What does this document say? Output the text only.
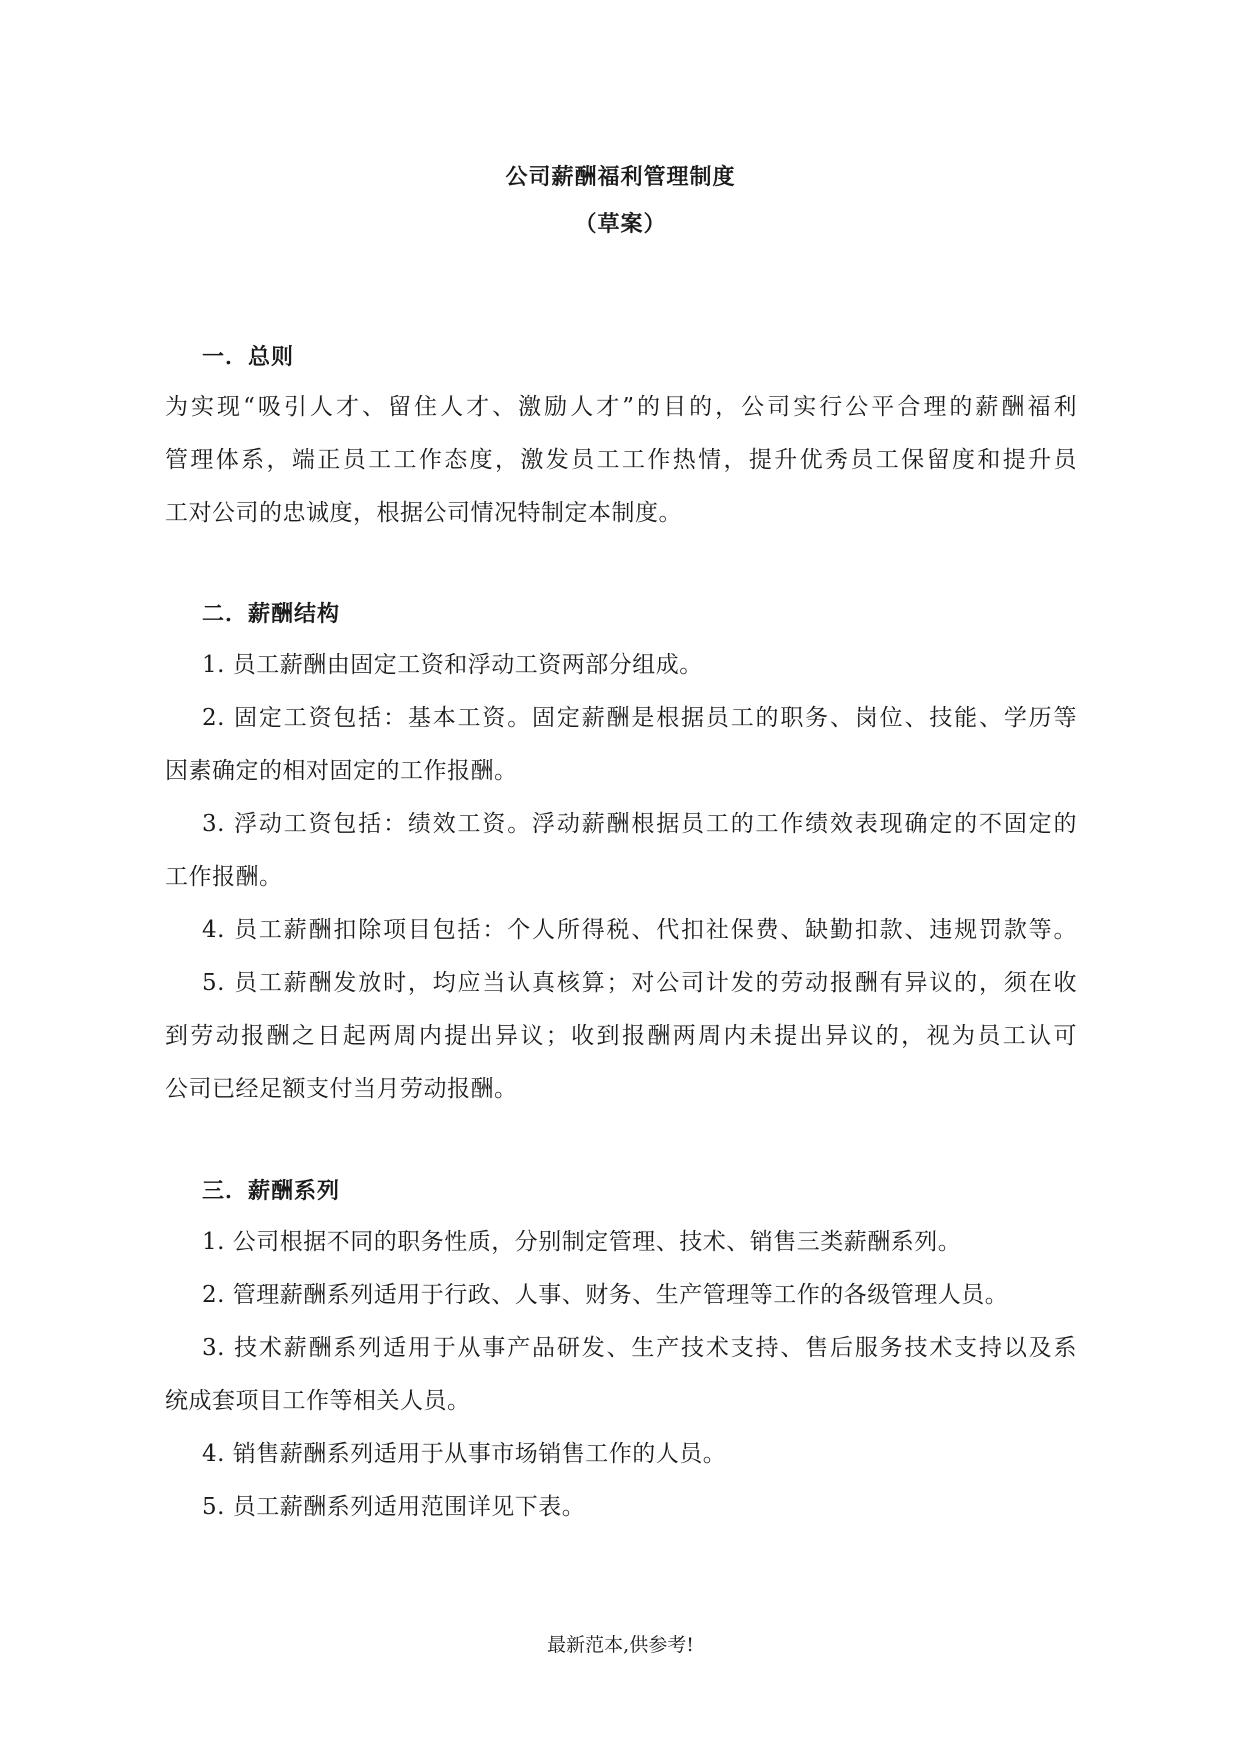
公司薪酬福利管理制度
（草案）
一．总则
为实现“吸引人才、留住人才、激励人才”的目的，公司实行公平合理的薪酬福利
管理体系，端正员工工作态度，激发员工工作热情，提升优秀员工保留度和提升员
工对公司的忠诚度，根据公司情况特制定本制度。
二．薪酬结构
1. 员工薪酬由固定工资和浮动工资两部分组成。
2. 固定工资包括：基本工资。固定薪酬是根据员工的职务、岗位、技能、学历等
因素确定的相对固定的工作报酬。
3. 浮动工资包括：绩效工资。浮动薪酬根据员工的工作绩效表现确定的不固定的
工作报酬。
4. 员工薪酬扣除项目包括：个人所得税、代扣社保费、缺勤扣款、违规罚款等。
5. 员工薪酬发放时，均应当认真核算；对公司计发的劳动报酬有异议的，须在收
到劳动报酬之日起两周内提出异议；收到报酬两周内未提出异议的，视为员工认可
公司已经足额支付当月劳动报酬。
三．薪酬系列
1. 公司根据不同的职务性质，分别制定管理、技术、销售三类薪酬系列。
2. 管理薪酬系列适用于行政、人事、财务、生产管理等工作的各级管理人员。
3. 技术薪酬系列适用于从事产品研发、生产技术支持、售后服务技术支持以及系
统成套项目工作等相关人员。
4. 销售薪酬系列适用于从事市场销售工作的人员。
5. 员工薪酬系列适用范围详见下表。
最新范本,供参考!
